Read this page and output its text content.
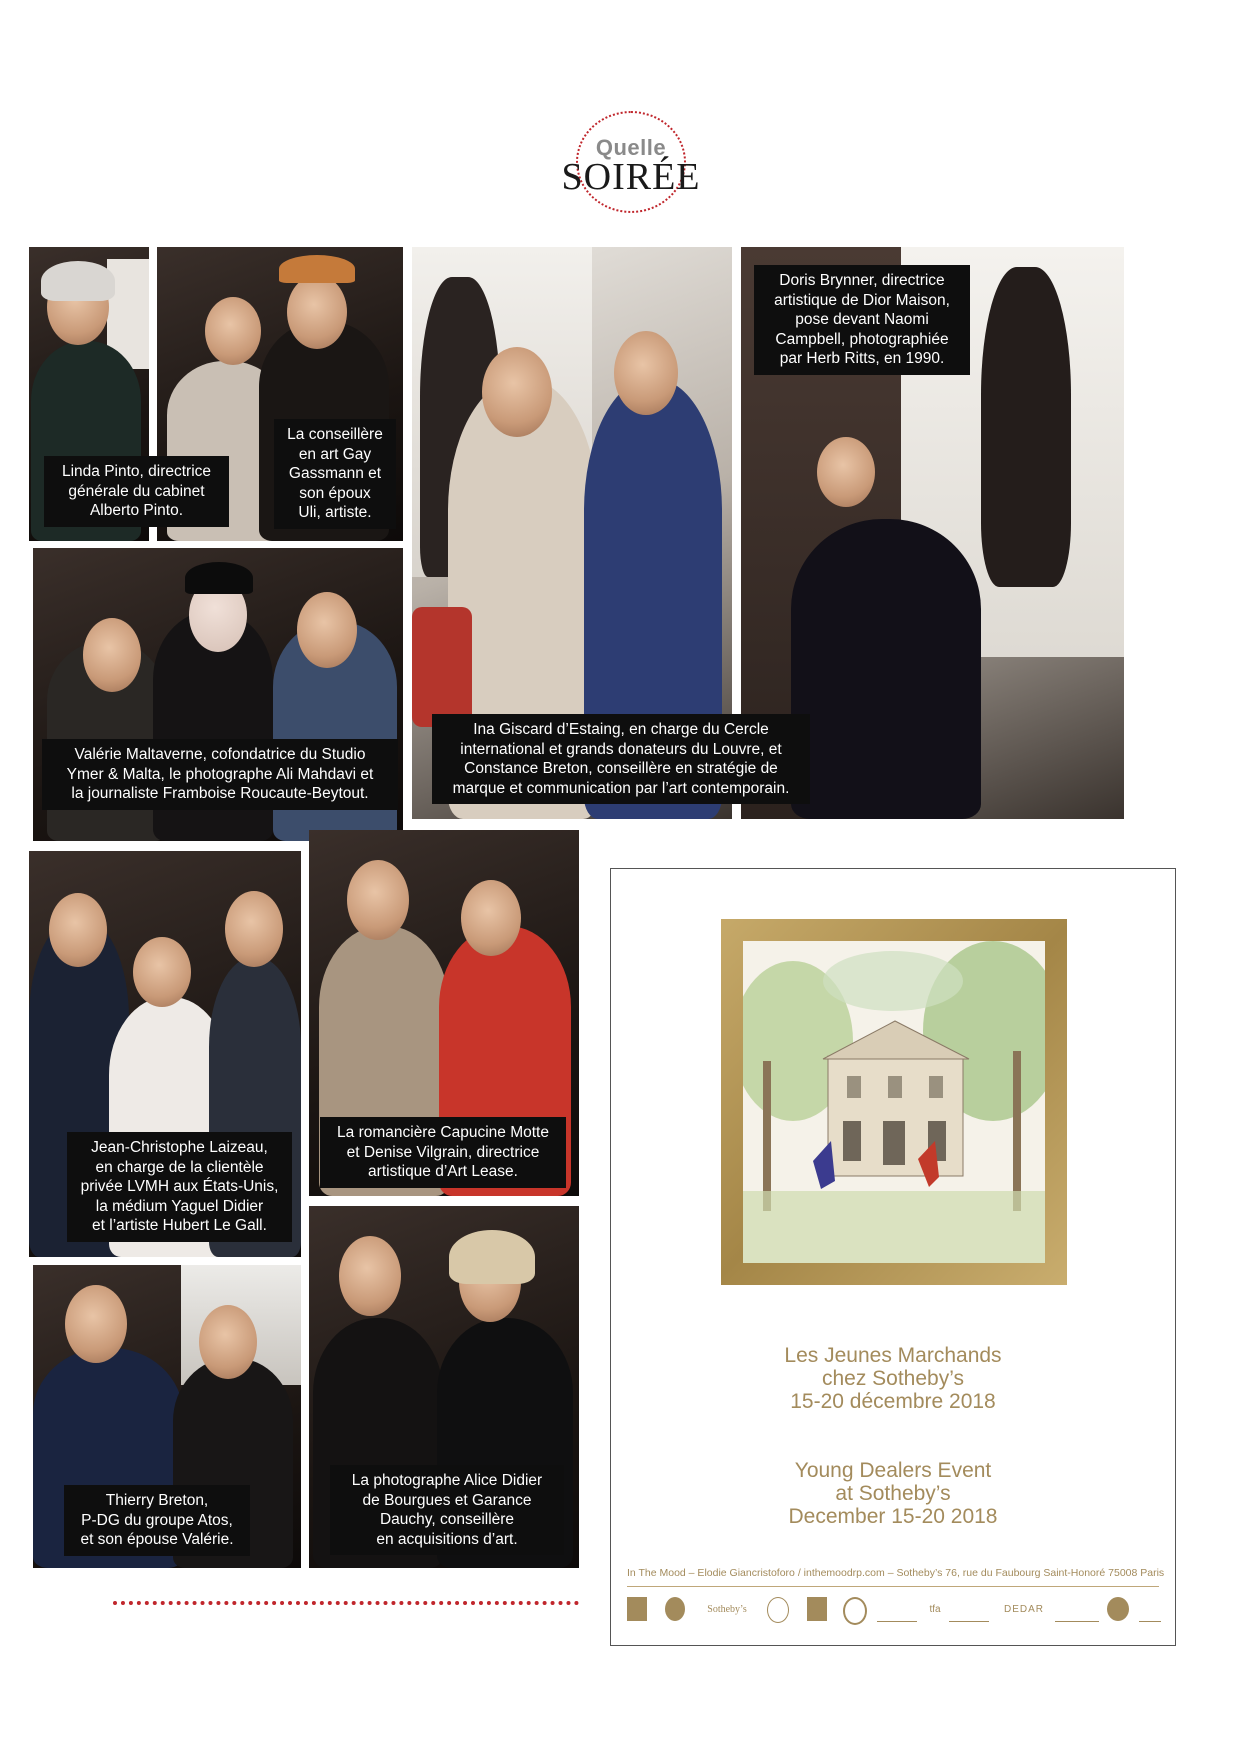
Quelle
SOIRÉE
Linda Pinto, directrice
générale du cabinet
Alberto Pinto.
La conseillère
en art Gay
Gassmann et
son époux
Uli, artiste.
Doris Brynner, directrice
artistique de Dior Maison,
pose devant Naomi
Campbell, photographiée
par Herb Ritts, en 1990.
Valérie Maltaverne, cofondatrice du Studio
Ymer & Malta, le photographe Ali Mahdavi et
la journaliste Framboise Roucaute-Beytout.
Ina Giscard d’Estaing, en charge du Cercle
international et grands donateurs du Louvre, et
Constance Breton, conseillère en stratégie de
marque et communication par l’art contemporain.
Jean-Christophe Laizeau,
en charge de la clientèle
privée LVMH aux États-Unis,
la médium Yaguel Didier
et l’artiste Hubert Le Gall.
La romancière Capucine Motte
et Denise Vilgrain, directrice
artistique d’Art Lease.
Thierry Breton,
P-DG du groupe Atos,
et son épouse Valérie.
La photographe Alice Didier
de Bourgues et Garance
Dauchy, conseillère
en acquisitions d’art.
Les Jeunes Marchands
chez Sotheby’s
15-20 décembre 2018
Young Dealers Event
at Sotheby’s
December 15-20 2018
In The Mood – Elodie Giancristoforo / inthemoodrp.com – Sotheby’s 76, rue du Faubourg Saint-Honoré 75008 Paris
Sotheby’s	tfa	DEDAR
